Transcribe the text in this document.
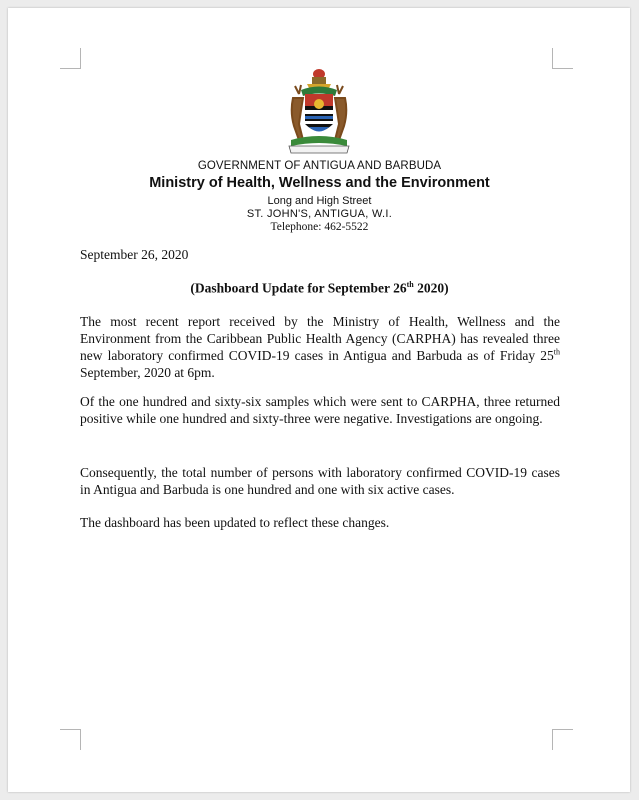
GOVERNMENT OF ANTIGUA AND BARBUDA
Ministry of Health, Wellness and the Environment
Long and High Street
ST. JOHN'S, ANTIGUA, W.I.
Telephone: 462-5522
September 26, 2020
(Dashboard Update for September 26th 2020)
The most recent report received by the Ministry of Health, Wellness and the Environment from the Caribbean Public Health Agency (CARPHA) has revealed three new laboratory confirmed COVID-19 cases in Antigua and Barbuda as of Friday 25th September, 2020 at 6pm.
Of the one hundred and sixty-six samples which were sent to CARPHA, three returned positive while one hundred and sixty-three were negative. Investigations are ongoing.
Consequently, the total number of persons with laboratory confirmed COVID-19 cases in Antigua and Barbuda is one hundred and one with six active cases.
The dashboard has been updated to reflect these changes.
